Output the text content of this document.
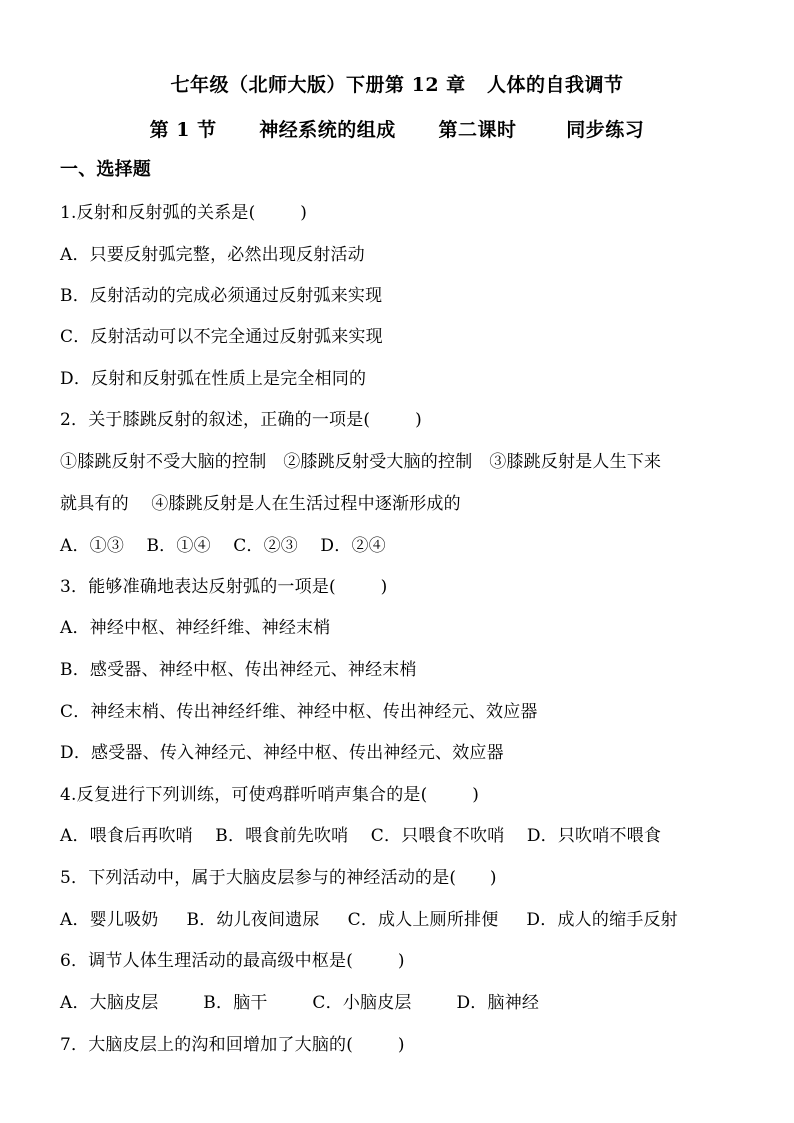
七年级（北师大版）下册第 12 章   人体的自我调节
第 1 节      神经系统的组成      第二课时       同步练习
一、选择题
1.反射和反射弧的关系是(        )
A．只要反射弧完整，必然出现反射活动
B．反射活动的完成必须通过反射弧来实现
C．反射活动可以不完全通过反射弧来实现
D．反射和反射弧在性质上是完全相同的
2．关于膝跳反射的叙述，正确的一项是(        )
①膝跳反射不受大脑的控制   ②膝跳反射受大脑的控制   ③膝跳反射是人生下来
就具有的    ④膝跳反射是人在生活过程中逐渐形成的
A．①③    B．①④    C．②③    D．②④
3．能够准确地表达反射弧的一项是(        )
A．神经中枢、神经纤维、神经末梢
B．感受器、神经中枢、传出神经元、神经末梢
C．神经末梢、传出神经纤维、神经中枢、传出神经元、效应器
D．感受器、传入神经元、神经中枢、传出神经元、效应器
4.反复进行下列训练，可使鸡群听哨声集合的是(        )
A．喂食后再吹哨    B．喂食前先吹哨    C．只喂食不吹哨    D．只吹哨不喂食
5．下列活动中，属于大脑皮层参与的神经活动的是(      )
A．婴儿吸奶     B．幼儿夜间遗尿     C．成人上厕所排便     D．成人的缩手反射
6．调节人体生理活动的最高级中枢是(        )
A．大脑皮层        B．脑干        C．小脑皮层        D．脑神经
7．大脑皮层上的沟和回增加了大脑的(        )
